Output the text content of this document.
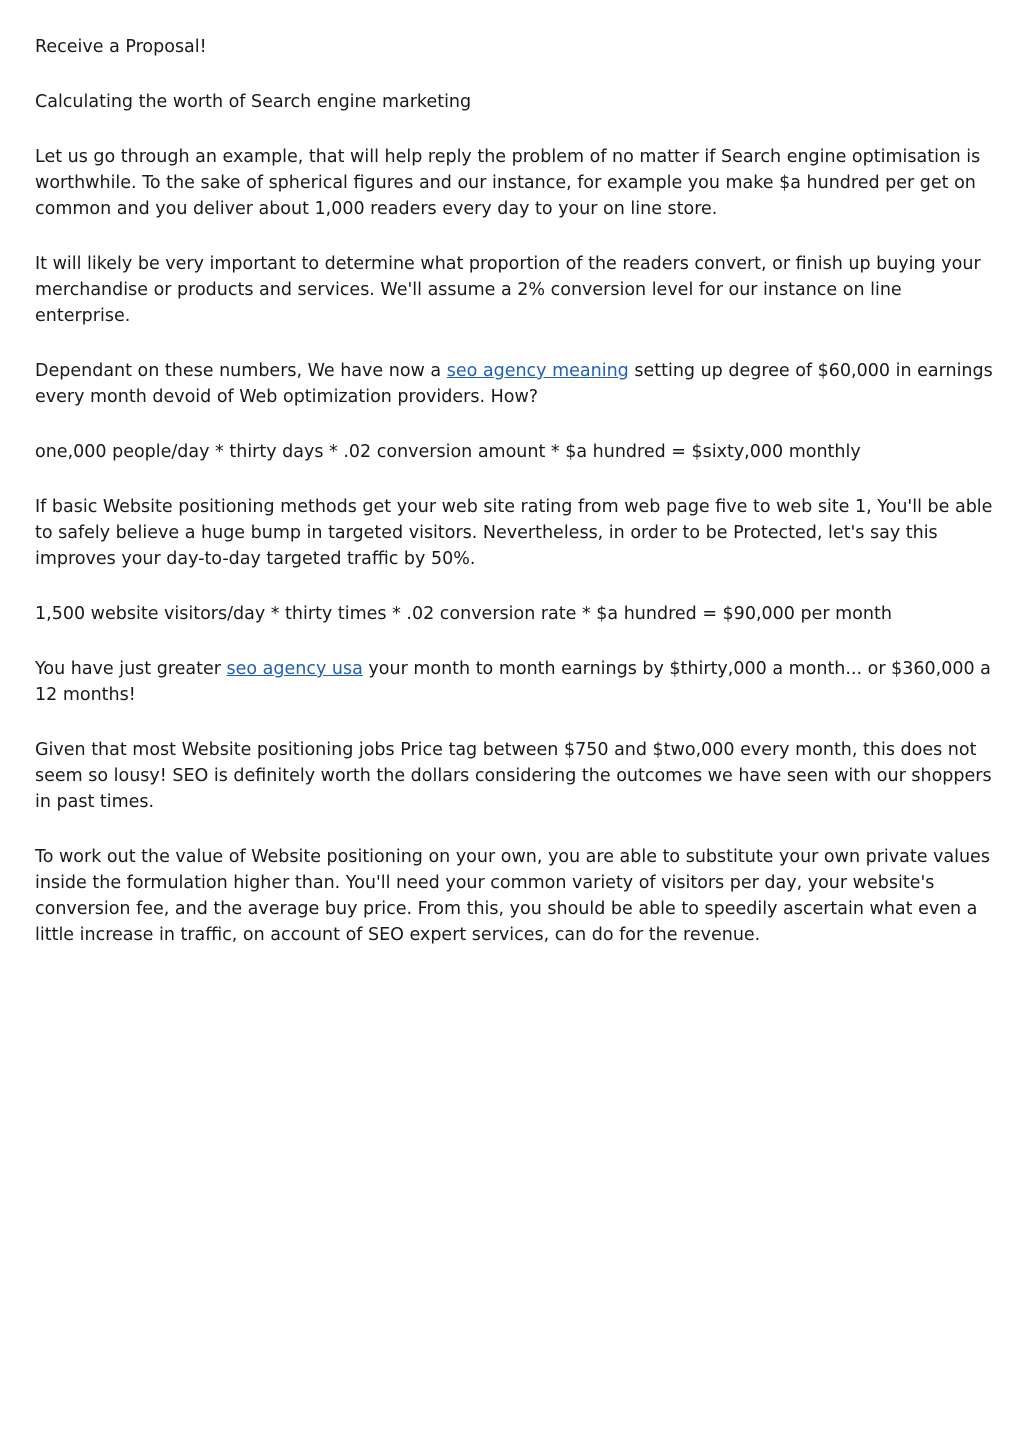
Receive a Proposal!

Calculating the worth of Search engine marketing

Let us go through an example, that will help reply the problem of no matter if Search engine optimisation is worthwhile. To the sake of spherical figures and our instance, for example you make $a hundred per get on common and you deliver about 1,000 readers every day to your on line store.

It will likely be very important to determine what proportion of the readers convert, or finish up buying your merchandise or products and services. We'll assume a 2% conversion level for our instance on line enterprise.

Dependant on these numbers, We have now a seo agency meaning setting up degree of $60,000 in earnings every month devoid of Web optimization providers. How?

one,000 people/day * thirty days * .02 conversion amount * $a hundred = $sixty,000 monthly

If basic Website positioning methods get your web site rating from web page five to web site 1, You'll be able to safely believe a huge bump in targeted visitors. Nevertheless, in order to be Protected, let's say this improves your day-to-day targeted traffic by 50%.

1,500 website visitors/day * thirty times * .02 conversion rate * $a hundred = $90,000 per month

You have just greater seo agency usa your month to month earnings by $thirty,000 a month... or $360,000 a 12 months!

Given that most Website positioning jobs Price tag between $750 and $two,000 every month, this does not seem so lousy! SEO is definitely worth the dollars considering the outcomes we have seen with our shoppers in past times.

To work out the value of Website positioning on your own, you are able to substitute your own private values inside the formulation higher than. You'll need your common variety of visitors per day, your website's conversion fee, and the average buy price. From this, you should be able to speedily ascertain what even a little increase in traffic, on account of SEO expert services, can do for the revenue.
